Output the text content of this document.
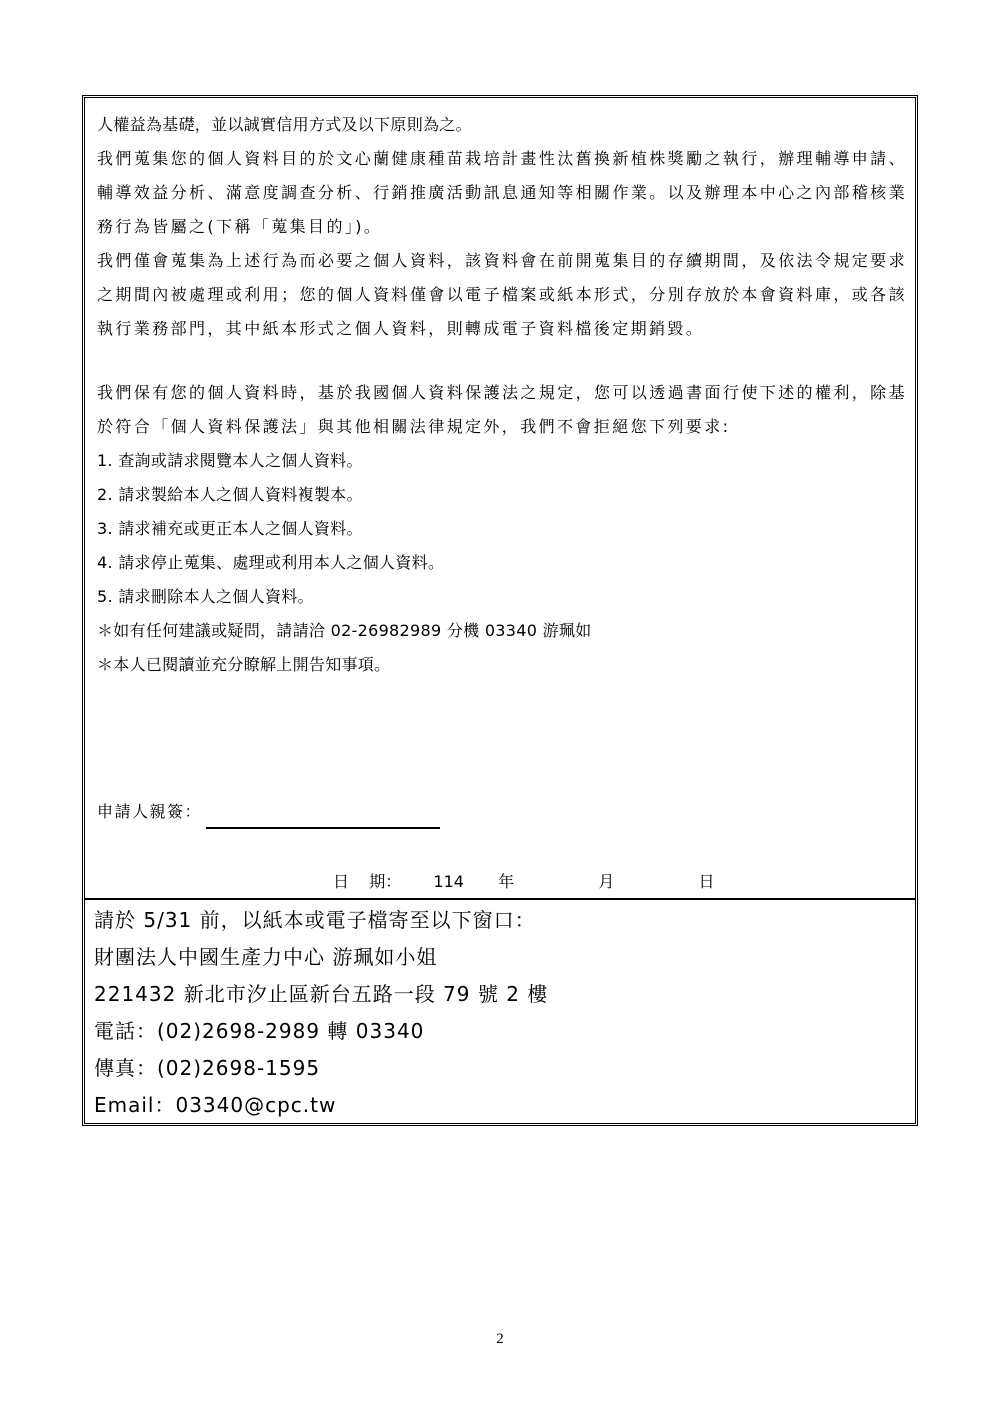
人權益為基礎，並以誠實信用方式及以下原則為之。
我們蒐集您的個人資料目的於文心蘭健康種苗栽培計畫性汰舊換新植株獎勵之執行，辦理輔導申請、輔導效益分析、滿意度調查分析、行銷推廣活動訊息通知等相關作業。以及辦理本中心之內部稽核業務行為皆屬之(下稱「蒐集目的」)。
我們僅會蒐集為上述行為而必要之個人資料，該資料會在前開蒐集目的存續期間，及依法令規定要求之期間內被處理或利用；您的個人資料僅會以電子檔案或紙本形式，分別存放於本會資料庫，或各該執行業務部門，其中紙本形式之個人資料，則轉成電子資料檔後定期銷毀。
我們保有您的個人資料時，基於我國個人資料保護法之規定，您可以透過書面行使下述的權利，除基於符合「個人資料保護法」與其他相關法律規定外，我們不會拒絕您下列要求:
1. 查詢或請求閱覽本人之個人資料。
2. 請求製給本人之個人資料複製本。
3. 請求補充或更正本人之個人資料。
4. 請求停止蒐集、處理或利用本人之個人資料。
5. 請求刪除本人之個人資料。
＊如有任何建議或疑問，請請洽 02-26982989 分機 03340 游珮如
＊本人已閱讀並充分瞭解上開告知事項。
申請人親簽：
日 期： 114 年	月	日
請於 5/31 前，以紙本或電子檔寄至以下窗口：
財團法人中國生產力中心 游珮如小姐
221432 新北市汐止區新台五路一段 79 號 2 樓
電話：(02)2698-2989 轉 03340
傳真：(02)2698-1595
Email：03340@cpc.tw
2
